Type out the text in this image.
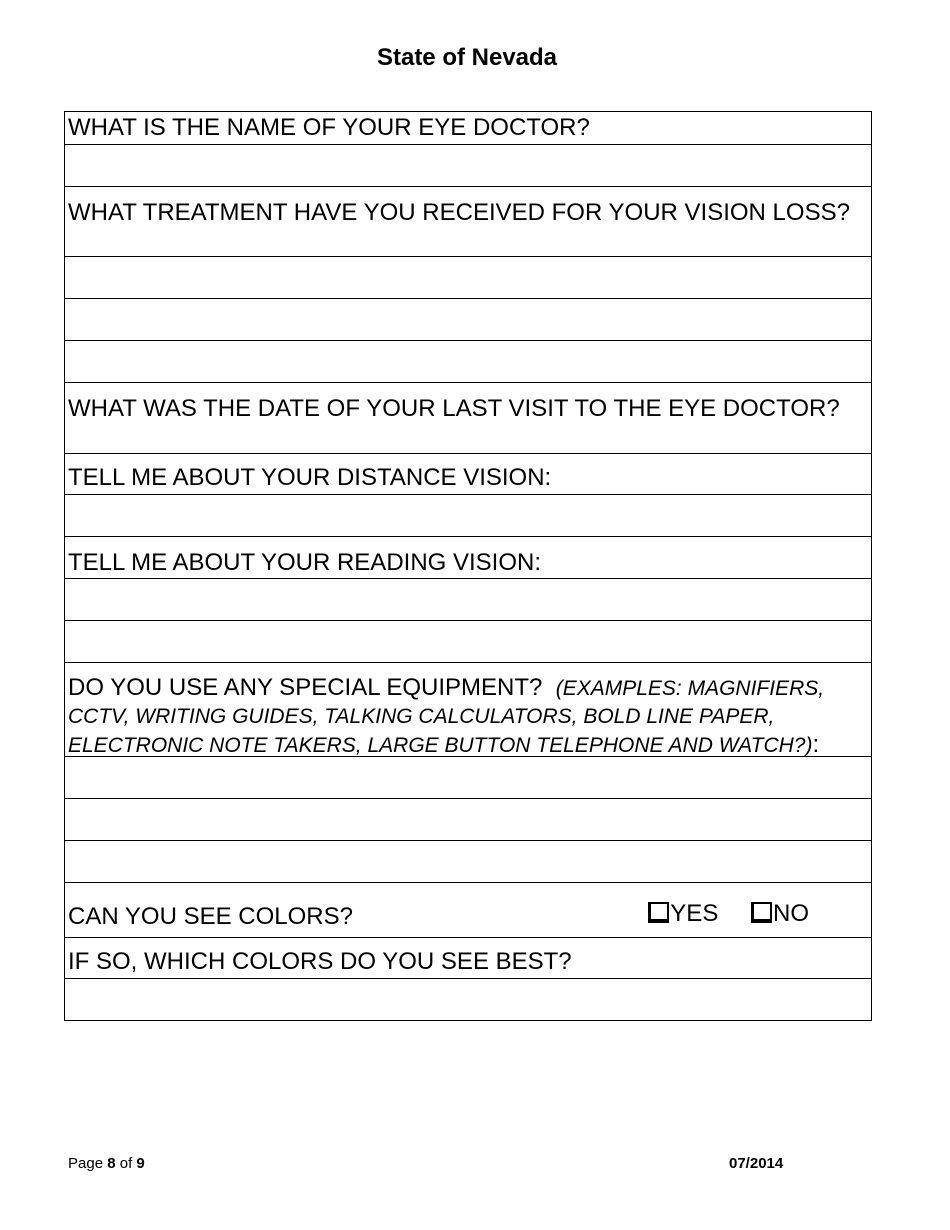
State of Nevada
WHAT IS THE NAME OF YOUR EYE DOCTOR?
WHAT TREATMENT HAVE YOU RECEIVED FOR YOUR VISION LOSS?
WHAT WAS THE DATE OF YOUR LAST VISIT TO THE EYE DOCTOR?
TELL ME ABOUT YOUR DISTANCE VISION:
TELL ME ABOUT YOUR READING VISION:
DO YOU USE ANY SPECIAL EQUIPMENT? (EXAMPLES: MAGNIFIERS,
CCTV, WRITING GUIDES, TALKING CALCULATORS, BOLD LINE PAPER,
ELECTRONIC NOTE TAKERS, LARGE BUTTON TELEPHONE AND WATCH?):
CAN YOU SEE COLORS?	YES NO
IF SO, WHICH COLORS DO YOU SEE BEST?
Page 8 of 9	07/2014
